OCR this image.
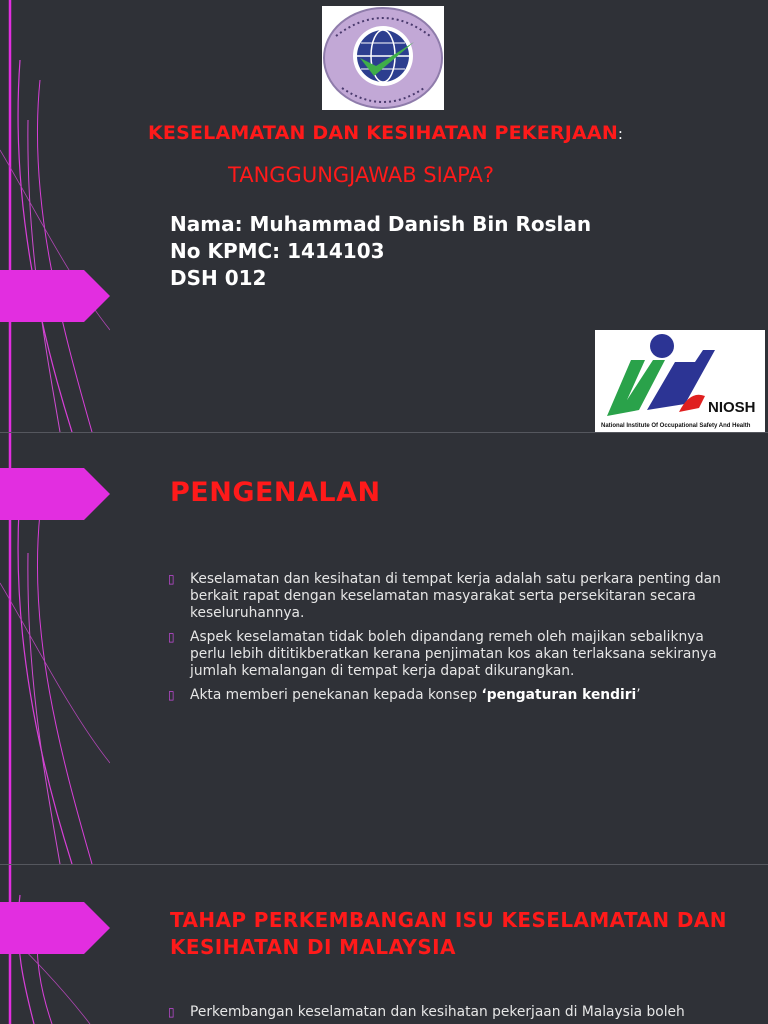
KESELAMATAN DAN KESIHATAN PEKERJAAN:
TANGGUNGJAWAB SIAPA?
Nama: Muhammad Danish Bin Roslan
No KPMC: 1414103
DSH 012
NIOSH
National Institute Of Occupational Safety And Health
PENGENALAN
▯ Keselamatan dan kesihatan di tempat kerja adalah satu perkara penting dan berkait rapat dengan keselamatan masyarakat serta persekitaran secara keseluruhannya.
▯ Aspek keselamatan tidak boleh dipandang remeh oleh majikan sebaliknya perlu lebih dititikberatkan kerana penjimatan kos akan terlaksana sekiranya jumlah kemalangan di tempat kerja dapat dikurangkan.
▯ Akta memberi penekanan kepada konsep ‘pengaturan kendiri’
TAHAP PERKEMBANGAN ISU KESELAMATAN DAN KESIHATAN DI MALAYSIA
▯ Perkembangan keselamatan dan kesihatan pekerjaan di Malaysia boleh
